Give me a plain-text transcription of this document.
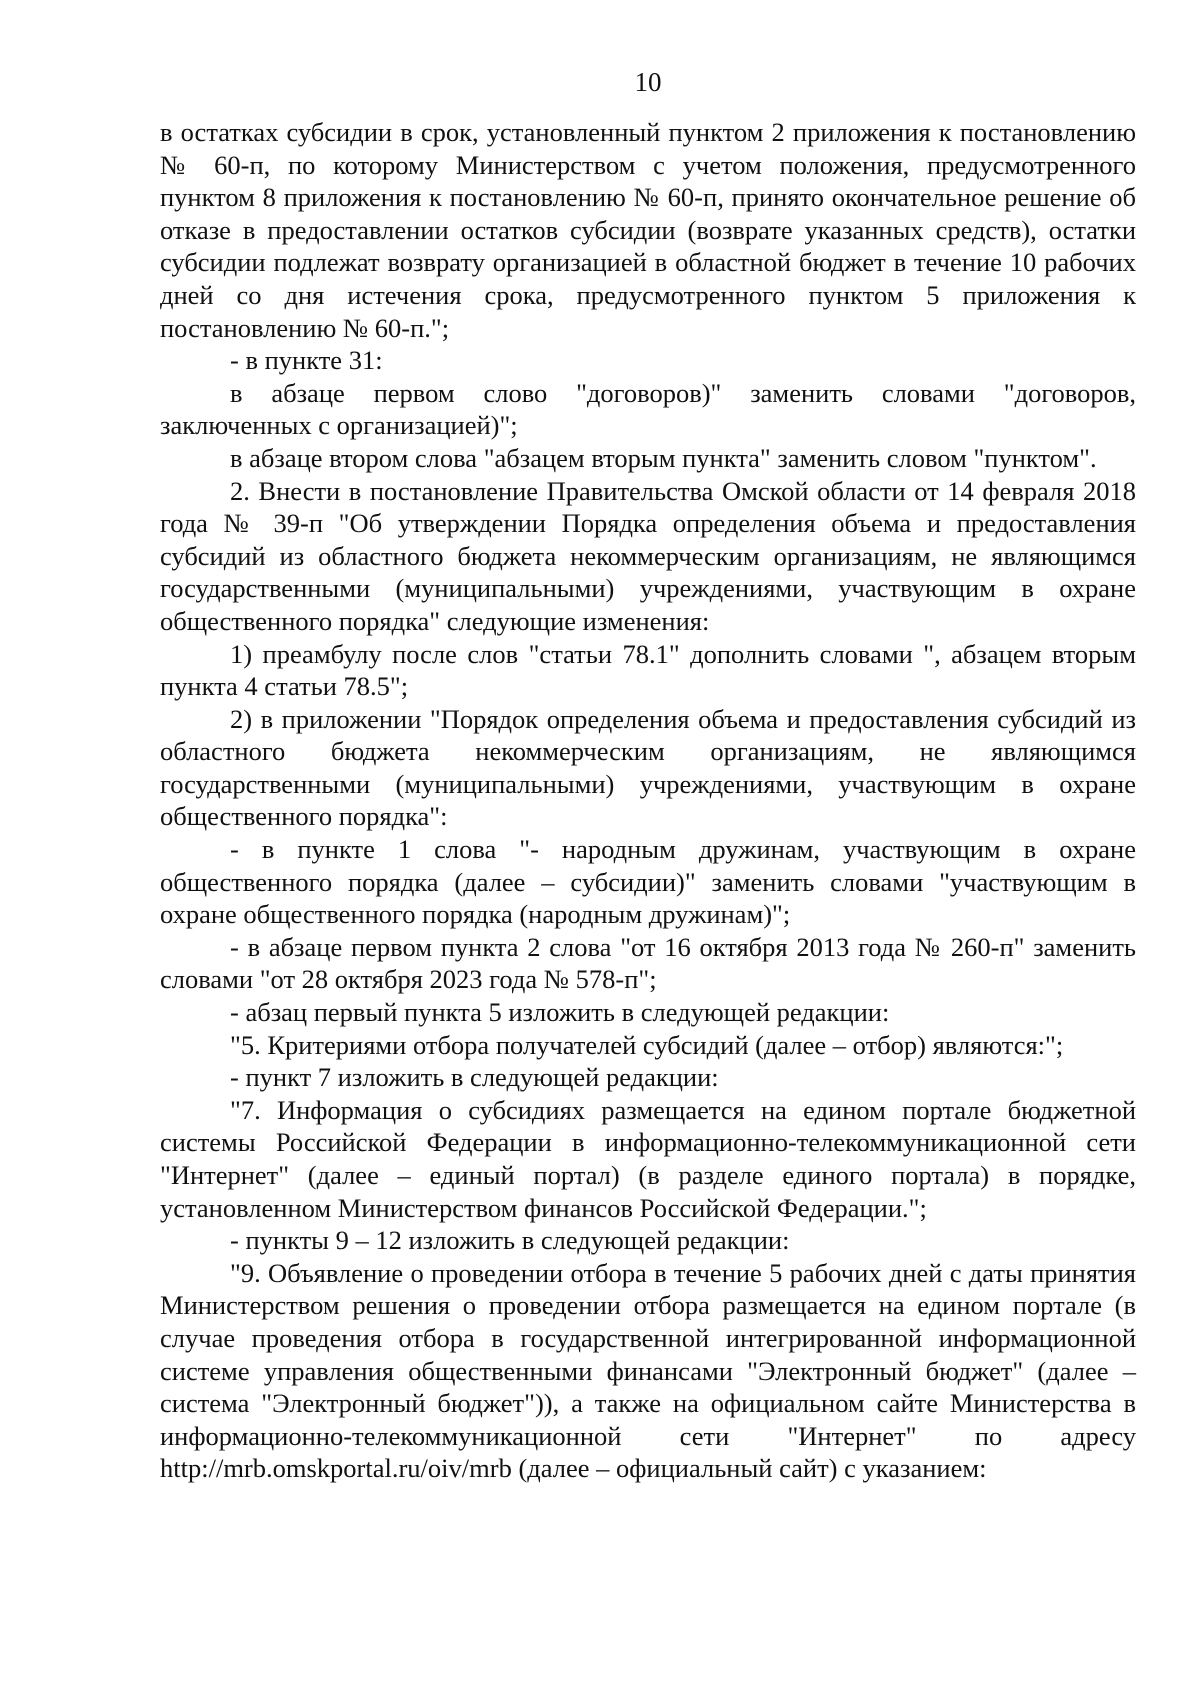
10

в остатках субсидии в срок, установленный пунктом 2 приложения к постановлению № 60-п, по которому Министерством с учетом положения, предусмотренного пунктом 8 приложения к постановлению № 60-п, принято окончательное решение об отказе в предоставлении остатков субсидии (возврате указанных средств), остатки субсидии подлежат возврату организацией в областной бюджет в течение 10 рабочих дней со дня истечения срока, предусмотренного пунктом 5 приложения к постановлению № 60-п.";

- в пункте 31:

в абзаце первом слово "договоров)" заменить словами "договоров, заключенных с организацией)";

в абзаце втором слова "абзацем вторым пункта" заменить словом "пунктом".

2. Внести в постановление Правительства Омской области от 14 февраля 2018 года № 39-п "Об утверждении Порядка определения объема и предоставления субсидий из областного бюджета некоммерческим организациям, не являющимся государственными (муниципальными) учреждениями, участвующим в охране общественного порядка" следующие изменения:

1) преамбулу после слов "статьи 78.1" дополнить словами ", абзацем вторым пункта 4 статьи 78.5";

2) в приложении "Порядок определения объема и предоставления субсидий из областного бюджета некоммерческим организациям, не являющимся государственными (муниципальными) учреждениями, участвующим в охране общественного порядка":

- в пункте 1 слова "- народным дружинам, участвующим в охране общественного порядка (далее – субсидии)" заменить словами "участвующим в охране общественного порядка (народным дружинам)";

- в абзаце первом пункта 2 слова "от 16 октября 2013 года № 260-п" заменить словами "от 28 октября 2023 года № 578-п";

- абзац первый пункта 5 изложить в следующей редакции:

"5. Критериями отбора получателей субсидий (далее – отбор) являются:";

- пункт 7 изложить в следующей редакции:

"7. Информация о субсидиях размещается на едином портале бюджетной системы Российской Федерации в информационно-телекоммуникационной сети "Интернет" (далее – единый портал) (в разделе единого портала) в порядке, установленном Министерством финансов Российской Федерации.";

- пункты 9 – 12 изложить в следующей редакции:

"9. Объявление о проведении отбора в течение 5 рабочих дней с даты принятия Министерством решения о проведении отбора размещается на едином портале (в случае проведения отбора в государственной интегрированной информационной системе управления общественными финансами "Электронный бюджет" (далее – система "Электронный бюджет")), а также на официальном сайте Министерства в информационно-телекоммуникационной сети "Интернет" по адресу http://mrb.omskportal.ru/oiv/mrb (далее – официальный сайт) с указанием:
